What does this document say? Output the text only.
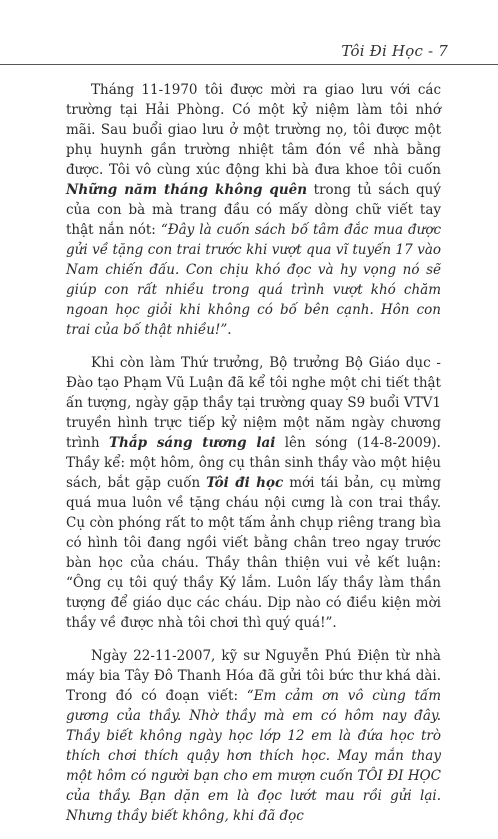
Tôi Đi Học - 7

Tháng 11-1970 tôi được mời ra giao lưu với các trường tại Hải Phòng. Có một kỷ niệm làm tôi nhớ mãi. Sau buổi giao lưu ở một trường nọ, tôi được một phụ huynh gần trường nhiệt tâm đón về nhà bằng được. Tôi vô cùng xúc động khi bà đưa khoe tôi cuốn Những năm tháng không quên trong tủ sách quý của con bà mà trang đầu có mấy dòng chữ viết tay thật nắn nót: “Đây là cuốn sách bố tâm đắc mua được gửi về tặng con trai trước khi vượt qua vĩ tuyến 17 vào Nam chiến đấu. Con chịu khó đọc và hy vọng nó sẽ giúp con rất nhiều trong quá trình vượt khó chăm ngoan học giỏi khi không có bố bên cạnh. Hôn con trai của bố thật nhiều!”.

Khi còn làm Thứ trưởng, Bộ trưởng Bộ Giáo dục - Đào tạo Phạm Vũ Luận đã kể tôi nghe một chi tiết thật ấn tượng, ngày gặp thầy tại trường quay S9 buổi VTV1 truyền hình trực tiếp kỷ niệm một năm ngày chương trình Thắp sáng tương lai lên sóng (14-8-2009). Thầy kể: một hôm, ông cụ thân sinh thầy vào một hiệu sách, bắt gặp cuốn Tôi đi học mới tái bản, cụ mừng quá mua luôn về tặng cháu nội cưng là con trai thầy. Cụ còn phóng rất to một tấm ảnh chụp riêng trang bìa có hình tôi đang ngồi viết bằng chân treo ngay trước bàn học của cháu. Thầy thân thiện vui vẻ kết luận: “Ông cụ tôi quý thầy Ký lắm. Luôn lấy thầy làm thần tượng để giáo dục các cháu. Dịp nào có điều kiện mời thầy về được nhà tôi chơi thì quý quá!”.

Ngày 22-11-2007, kỹ sư Nguyễn Phú Điện từ nhà máy bia Tây Đô Thanh Hóa đã gửi tôi bức thư khá dài. Trong đó có đoạn viết: “Em cảm ơn vô cùng tấm gương của thầy. Nhờ thầy mà em có hôm nay đây. Thầy biết không ngày học lớp 12 em là đứa học trò thích chơi thích quậy hơn thích học. May mắn thay một hôm có người bạn cho em mượn cuốn TÔI ĐI HỌC của thầy. Bạn dặn em là đọc lướt mau rồi gửi lại. Nhưng thầy biết không, khi đã đọc
